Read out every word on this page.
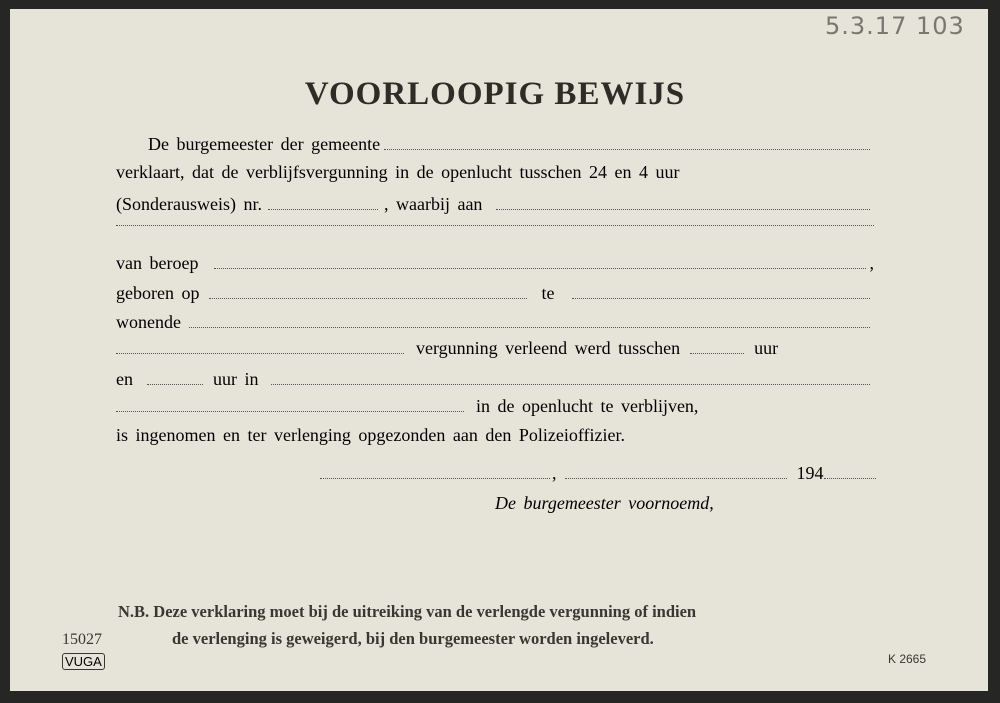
5.3.17 103
VOORLOOPIG BEWIJS
De burgemeester der gemeente
verklaart, dat de verblijfsvergunning in de openlucht tusschen 24 en 4 uur
(Sonderausweis) nr.	, waarbij aan
van beroep	,
geboren op	te
wonende
vergunning verleend werd tusschen	uur
en	uur in
in de openlucht te verblijven,
is ingenomen en ter verlenging opgezonden aan den Polizeioffizier.
,	194
De burgemeester voornoemd,
N.B. Deze verklaring moet bij de uitreiking van de verlengde vergunning of indien
de verlenging is geweigerd, bij den burgemeester worden ingeleverd.
15027
VUGA	K 2665
